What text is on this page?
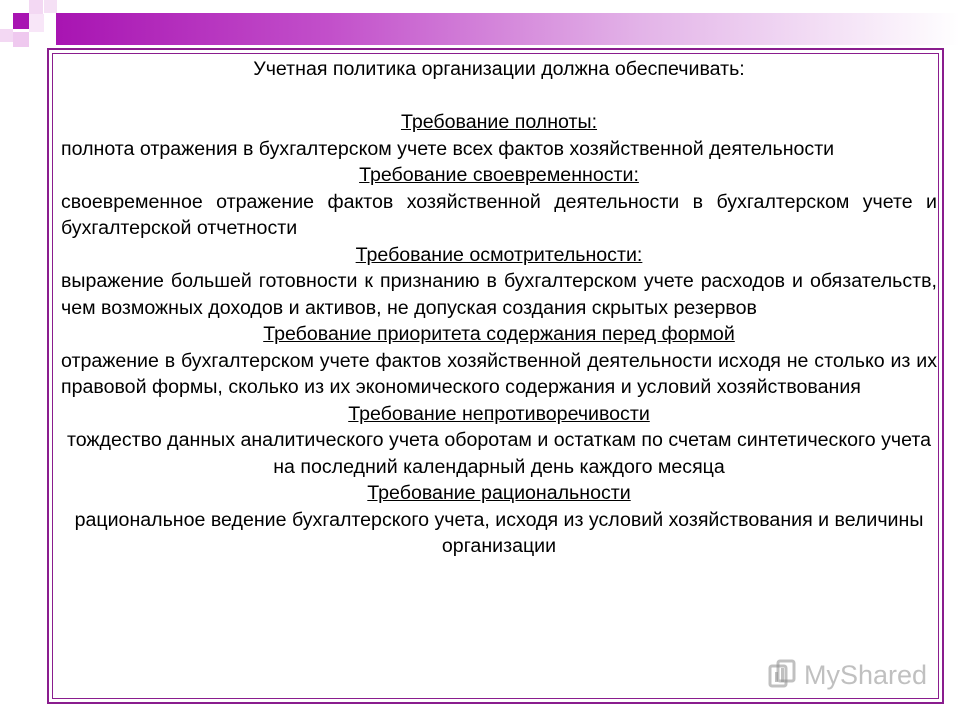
Учетная политика организации должна обеспечивать:

Требование полноты:

полнота отражения в бухгалтерском учете всех фактов хозяйственной деятельности

Требование своевременности:

своевременное отражение фактов хозяйственной деятельности в бухгалтерском учете и бухгалтерской отчетности

Требование осмотрительности:

выражение большей готовности к признанию в бухгалтерском учете расходов и обязательств, чем возможных доходов и активов, не допуская создания скрытых резервов

Требование приоритета содержания перед формой

отражение в бухгалтерском учете фактов хозяйственной деятельности исходя не столько из их правовой формы, сколько из их экономического содержания и условий хозяйствования

Требование непротиворечивости

тождество данных аналитического учета оборотам и остаткам по счетам синтетического учета на последний календарный день каждого месяца

Требование рациональности

рациональное ведение бухгалтерского учета, исходя из условий хозяйствования и величины организации

MyShared
